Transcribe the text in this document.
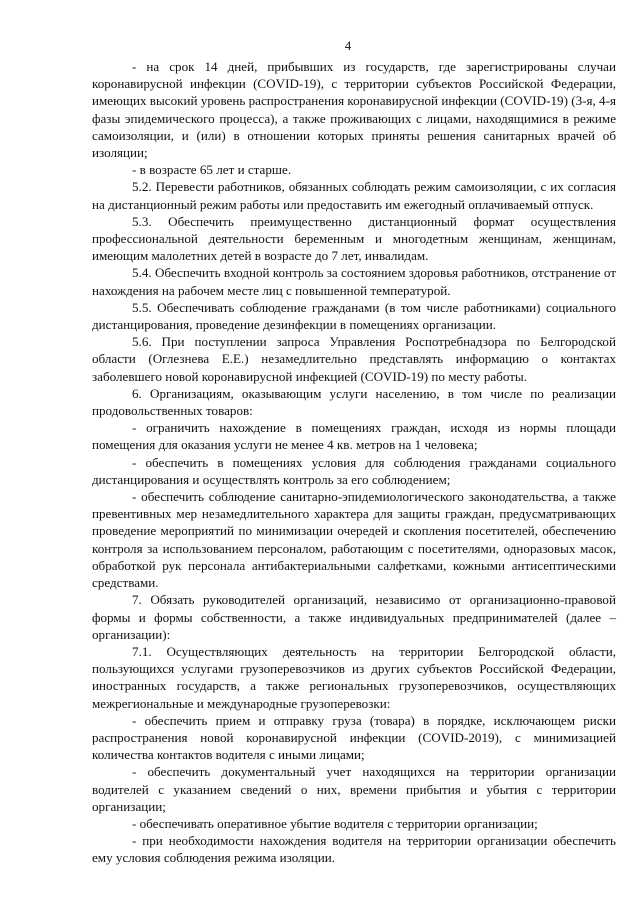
4

- на срок 14 дней, прибывших из государств, где зарегистрированы случаи коронавирусной инфекции (COVID-19), с территории субъектов Российской Федерации, имеющих высокий уровень распространения коронавирусной инфекции (COVID-19) (3-я, 4-я фазы эпидемического процесса), а также проживающих с лицами, находящимися в режиме самоизоляции, и (или) в отношении которых приняты решения санитарных врачей об изоляции;

- в возрасте 65 лет и старше.

5.2. Перевести работников, обязанных соблюдать режим самоизоляции, с их согласия на дистанционный режим работы или предоставить им ежегодный оплачиваемый отпуск.

5.3. Обеспечить преимущественно дистанционный формат осуществления профессиональной деятельности беременным и многодетным женщинам, женщинам, имеющим малолетних детей в возрасте до 7 лет, инвалидам.

5.4. Обеспечить входной контроль за состоянием здоровья работников, отстранение от нахождения на рабочем месте лиц с повышенной температурой.

5.5. Обеспечивать соблюдение гражданами (в том числе работниками) социального дистанцирования, проведение дезинфекции в помещениях организации.

5.6. При поступлении запроса Управления Роспотребнадзора по Белгородской области (Оглезнева Е.Е.) незамедлительно представлять информацию о контактах заболевшего новой коронавирусной инфекцией (COVID-19) по месту работы.

6. Организациям, оказывающим услуги населению, в том числе по реализации продовольственных товаров:

- ограничить нахождение в помещениях граждан, исходя из нормы площади помещения для оказания услуги не менее 4 кв. метров на 1 человека;

- обеспечить в помещениях условия для соблюдения гражданами социального дистанцирования и осуществлять контроль за его соблюдением;

- обеспечить соблюдение санитарно-эпидемиологического законодательства, а также превентивных мер незамедлительного характера для защиты граждан, предусматривающих проведение мероприятий по минимизации очередей и скопления посетителей, обеспечению контроля за использованием персоналом, работающим с посетителями, одноразовых масок, обработкой рук персонала антибактериальными салфетками, кожными антисептическими средствами.

7. Обязать руководителей организаций, независимо от организационно-правовой формы и формы собственности, а также индивидуальных предпринимателей (далее – организации):

7.1. Осуществляющих деятельность на территории Белгородской области, пользующихся услугами грузоперевозчиков из других субъектов Российской Федерации, иностранных государств, а также региональных грузоперевозчиков, осуществляющих межрегиональные и международные грузоперевозки:

- обеспечить прием и отправку груза (товара) в порядке, исключающем риски распространения новой коронавирусной инфекции (COVID-2019), с минимизацией количества контактов водителя с иными лицами;

- обеспечить документальный учет находящихся на территории организации водителей с указанием сведений о них, времени прибытия и убытия с территории организации;

- обеспечивать оперативное убытие водителя с территории организации;

- при необходимости нахождения водителя на территории организации обеспечить ему условия соблюдения режима изоляции.
